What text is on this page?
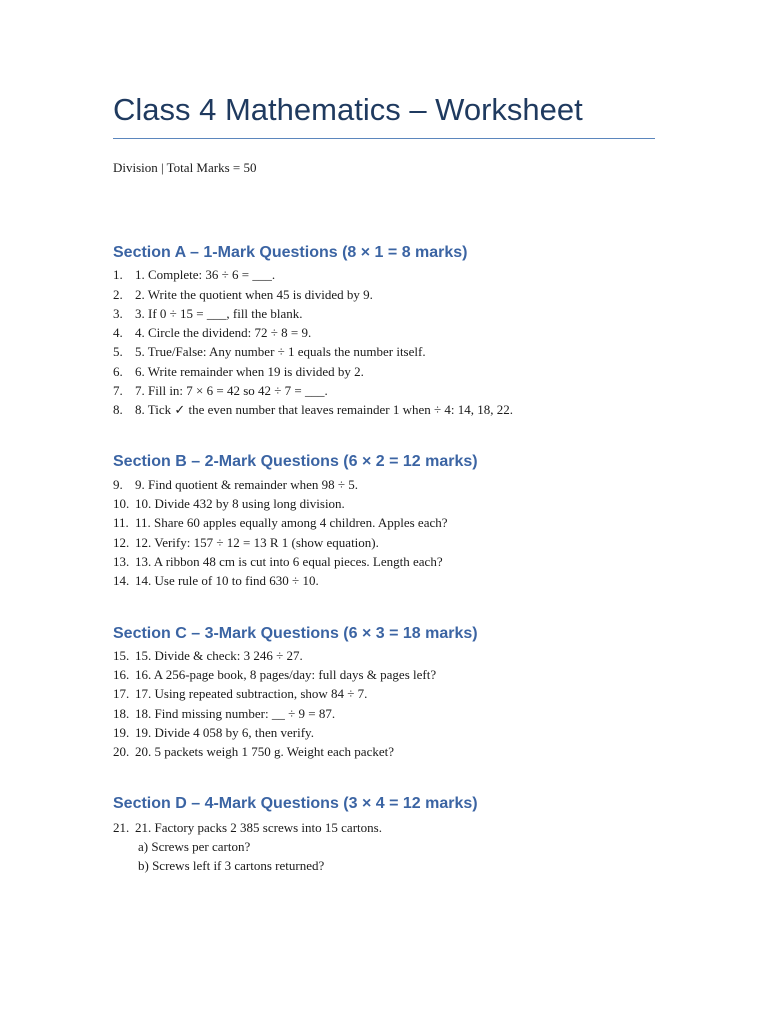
Class 4 Mathematics – Worksheet
Division | Total Marks = 50
Section A – 1-Mark Questions (8 × 1 = 8 marks)
1. 1. Complete: 36 ÷ 6 = ___.
2. 2. Write the quotient when 45 is divided by 9.
3. 3. If 0 ÷ 15 = ___, fill the blank.
4. 4. Circle the dividend: 72 ÷ 8 = 9.
5. 5. True/False: Any number ÷ 1 equals the number itself.
6. 6. Write remainder when 19 is divided by 2.
7. 7. Fill in: 7 × 6 = 42 so 42 ÷ 7 = ___.
8. 8. Tick ✓ the even number that leaves remainder 1 when ÷ 4: 14, 18, 22.
Section B – 2-Mark Questions (6 × 2 = 12 marks)
9. 9. Find quotient & remainder when 98 ÷ 5.
10. 10. Divide 432 by 8 using long division.
11. 11. Share 60 apples equally among 4 children. Apples each?
12. 12. Verify: 157 ÷ 12 = 13 R 1 (show equation).
13. 13. A ribbon 48 cm is cut into 6 equal pieces. Length each?
14. 14. Use rule of 10 to find 630 ÷ 10.
Section C – 3-Mark Questions (6 × 3 = 18 marks)
15. 15. Divide & check: 3 246 ÷ 27.
16. 16. A 256-page book, 8 pages/day: full days & pages left?
17. 17. Using repeated subtraction, show 84 ÷ 7.
18. 18. Find missing number: __ ÷ 9 = 87.
19. 19. Divide 4 058 by 6, then verify.
20. 20. 5 packets weigh 1 750 g. Weight each packet?
Section D – 4-Mark Questions (3 × 4 = 12 marks)
21. 21. Factory packs 2 385 screws into 15 cartons.
a) Screws per carton?
b) Screws left if 3 cartons returned?
